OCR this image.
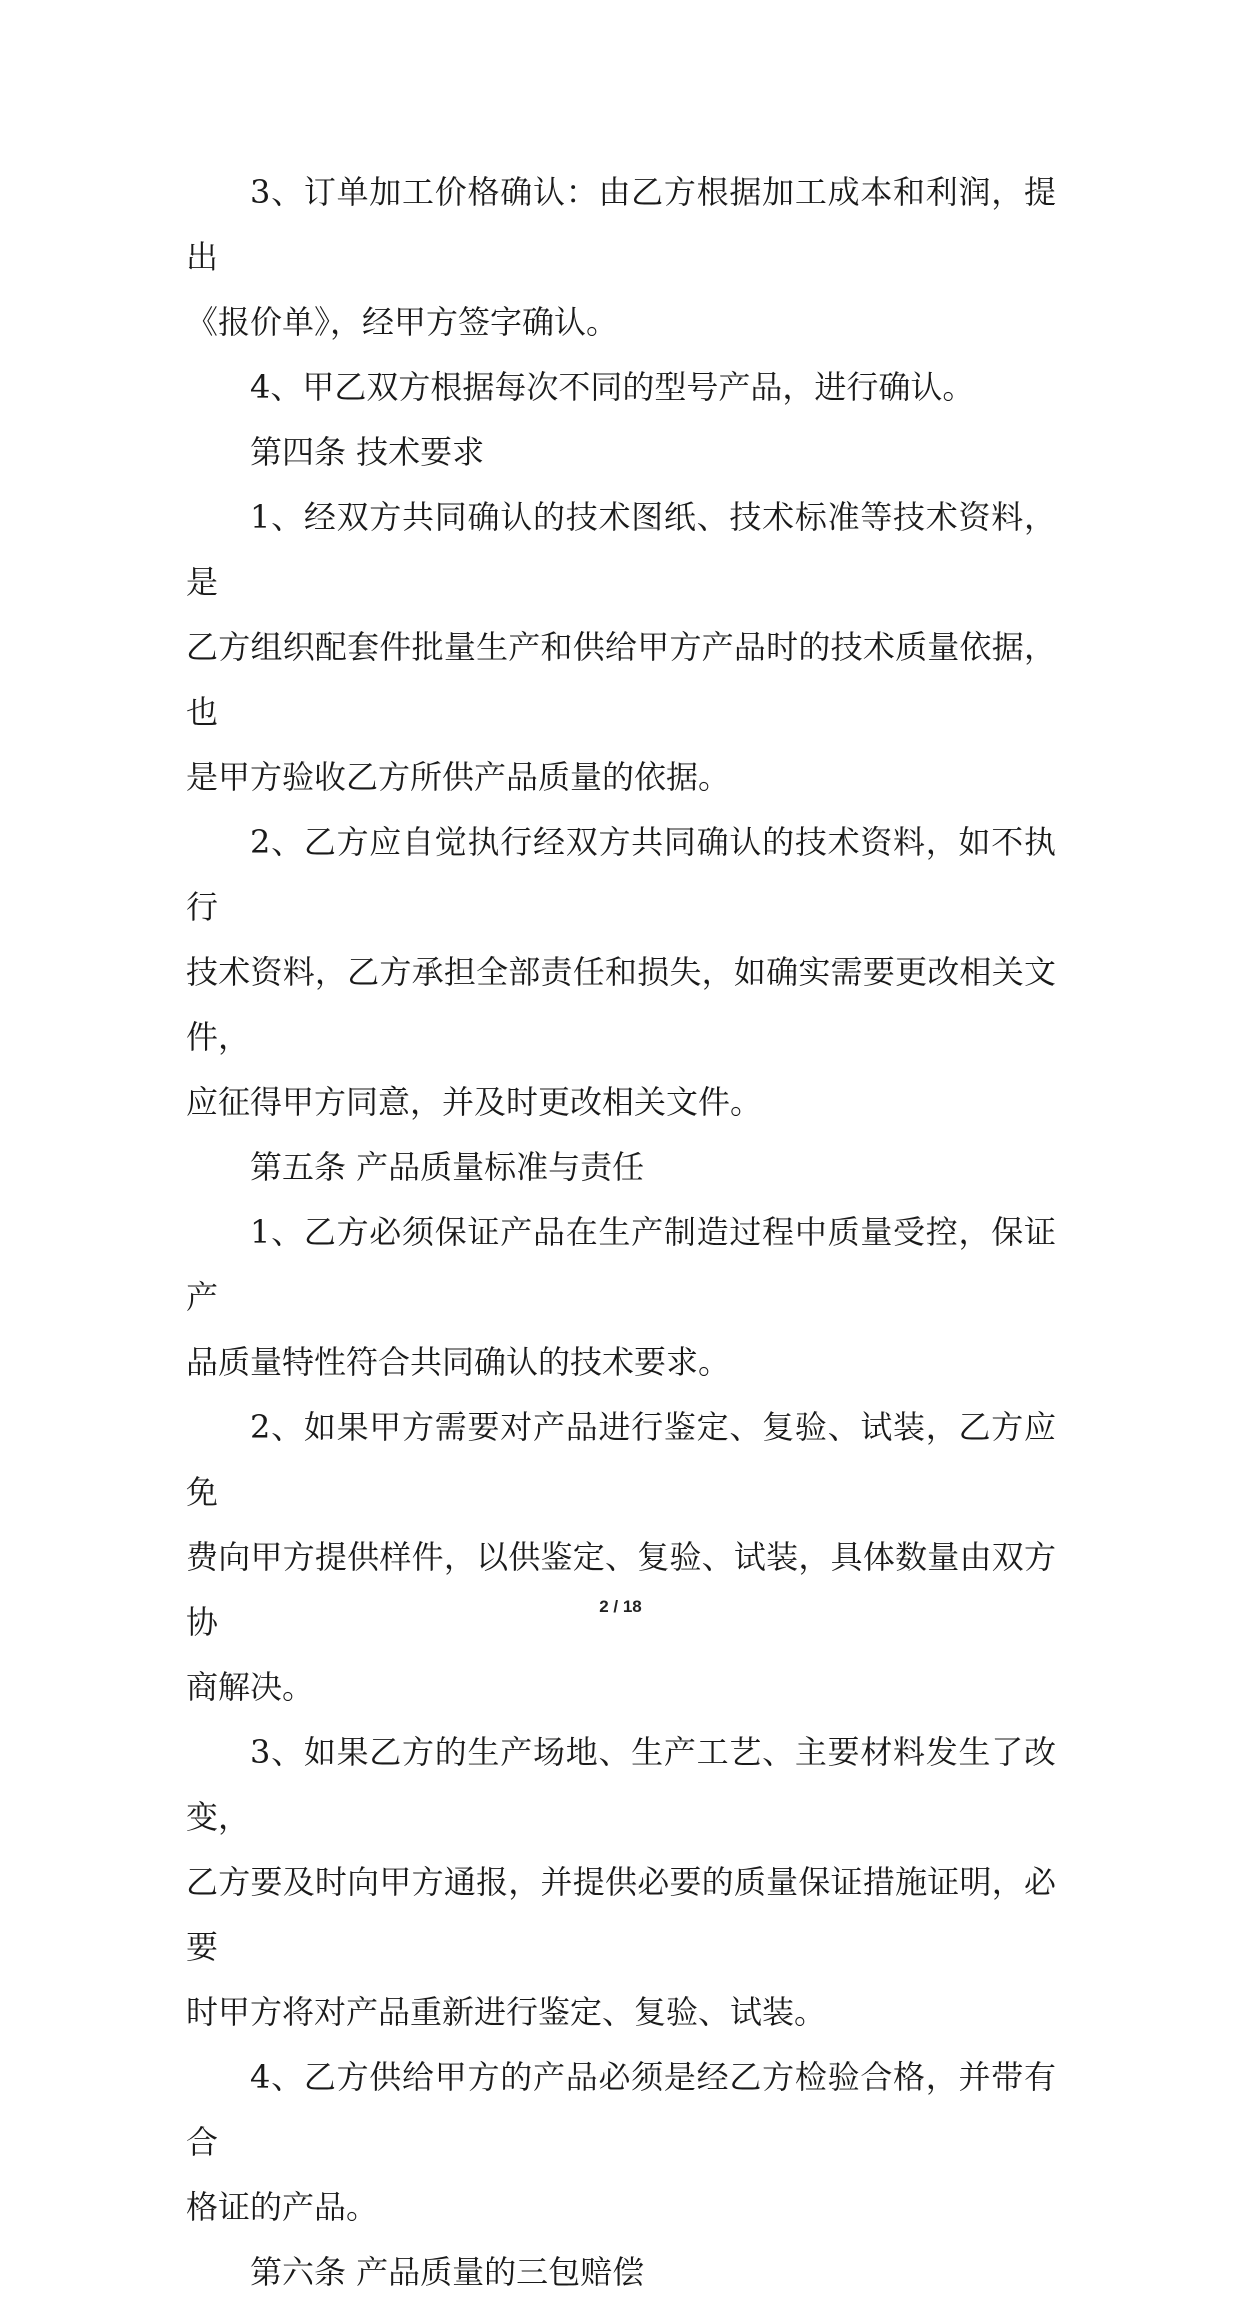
3、订单加工价格确认：由乙方根据加工成本和利润，提出

《报价单》，经甲方签字确认。

4、甲乙双方根据每次不同的型号产品，进行确认。

第四条 技术要求

1、经双方共同确认的技术图纸、技术标准等技术资料，是

乙方组织配套件批量生产和供给甲方产品时的技术质量依据，也

是甲方验收乙方所供产品质量的依据。

2、乙方应自觉执行经双方共同确认的技术资料，如不执行

技术资料，乙方承担全部责任和损失，如确实需要更改相关文件，

应征得甲方同意，并及时更改相关文件。

第五条 产品质量标准与责任

1、乙方必须保证产品在生产制造过程中质量受控，保证产

品质量特性符合共同确认的技术要求。

2、如果甲方需要对产品进行鉴定、复验、试装，乙方应免

费向甲方提供样件，以供鉴定、复验、试装，具体数量由双方协

商解决。

3、如果乙方的生产场地、生产工艺、主要材料发生了改变，

乙方要及时向甲方通报，并提供必要的质量保证措施证明，必要

时甲方将对产品重新进行鉴定、复验、试装。

4、乙方供给甲方的产品必须是经乙方检验合格，并带有合

格证的产品。

第六条 产品质量的三包赔偿

2 / 18
